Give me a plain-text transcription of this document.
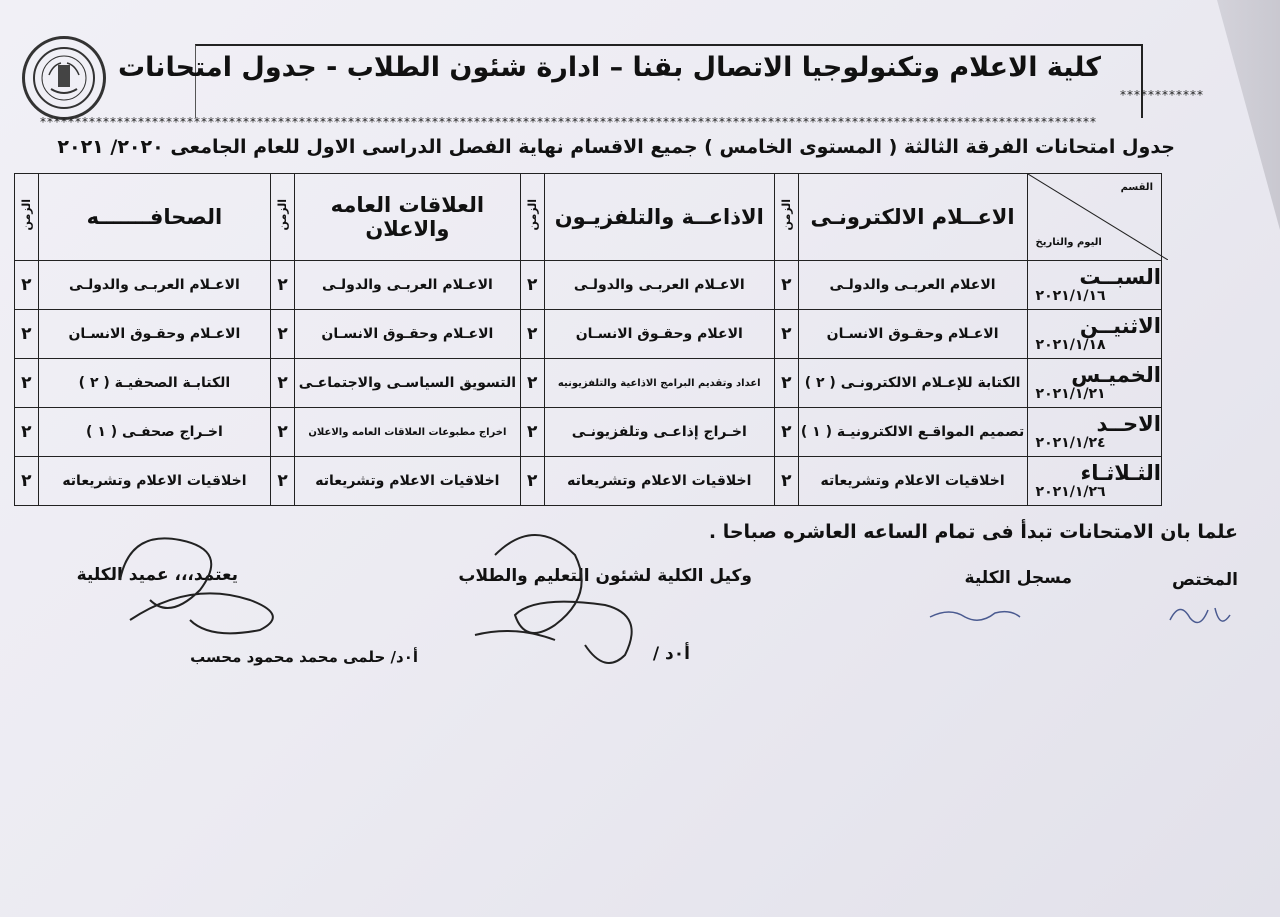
كلية الاعلام وتكنولوجيا الاتصال بقنا – ادارة شئون الطلاب - جدول امتحانات
************
*******************************************************************************************************************************************************
جدول امتحانات الفرقة الثالثة ( المستوى الخامس ) جميع الاقسام نهاية الفصل الدراسى الاول للعام الجامعى ٢٠٢٠/ ٢٠٢١
القسم
اليوم والتاريخ	الاعــلام الالكترونـى	الزمن	الاذاعــة والتلفزيـون	الزمن	العلاقات العامه والاعلان	الزمن	الصحافـــــــه	الزمن

السبــت
٢٠٢١/١/١٦	الاعلام العربـى والدولـى	٢	الاعـلام العربـى والدولـى	٢	الاعـلام العربـى والدولـى	٢	الاعـلام العربـى والدولـى	٢

الاثنيــن
٢٠٢١/١/١٨	الاعـلام وحقـوق الانسـان	٢	الاعلام وحقـوق الانسـان	٢	الاعـلام وحقـوق الانسـان	٢	الاعـلام وحقـوق الانسـان	٢

الخميـس
٢٠٢١/١/٢١	الكتابة للإعـلام الالكترونـى ( ٢ )	٢	اعداد وتقديم البرامج الاذاعية والتلفزيونيه	٢	التسويق السياسـى والاجتماعـى	٢	الكتابـة الصحفيـة ( ٢ )	٢

الاحــد
٢٠٢١/١/٢٤	تصميم المواقـع الالكترونيـة ( ١ )	٢	اخـراج إذاعـى وتلفزيونـى	٢	اخراج مطبوعات العلاقات العامه والاعلان	٢	اخـراج صحفـى ( ١ )	٢

الثـلاثـاء
٢٠٢١/١/٢٦	اخلاقيات الاعلام وتشريعاته	٢	اخلاقيات الاعلام وتشريعاته	٢	اخلاقيات الاعلام وتشريعاته	٢	اخلاقيات الاعلام وتشريعاته	٢
علما بان الامتحانات تبدأ فى تمام الساعه العاشره صباحا .
المختص
مسجل الكلية
وكيل الكلية لشئون التعليم والطلاب
أ٠د /
يعتمد،،، عميد الكلية
أ٠د/ حلمى محمد محمود محسب
